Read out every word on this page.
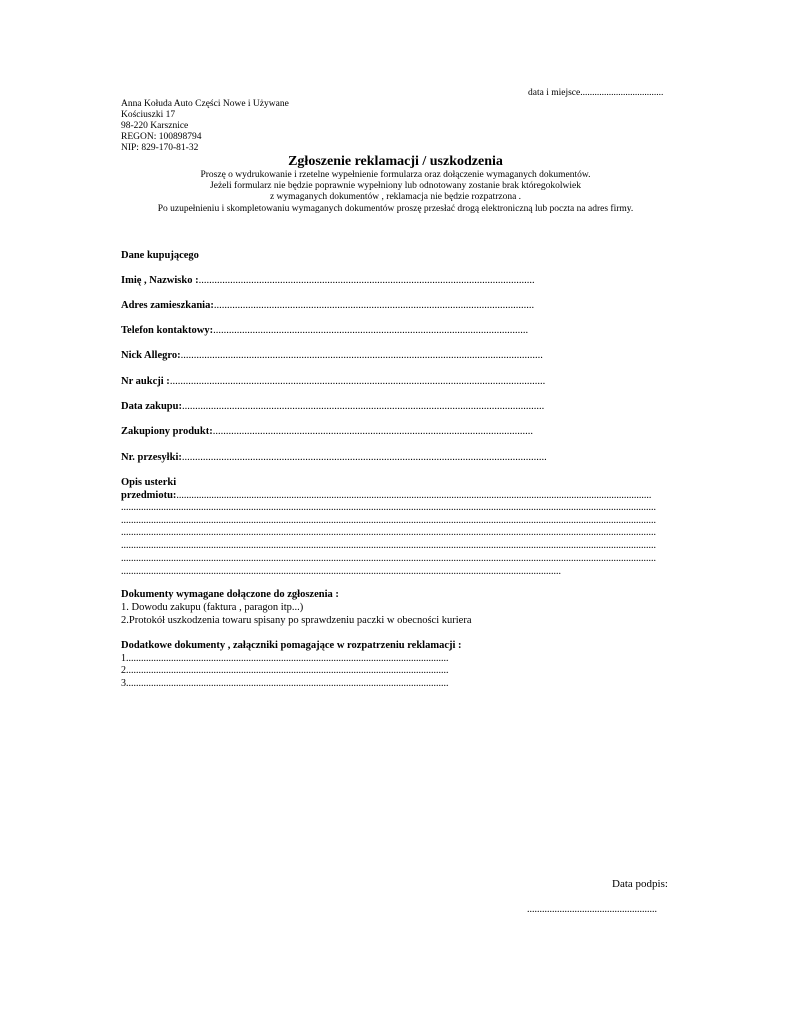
data i miejsce...................................
Anna Kołuda Auto Części Nowe i Używane
Kościuszki 17
98-220 Karsznice
REGON: 100898794
NIP: 829-170-81-32
Zgłoszenie reklamacji / uszkodzenia
Proszę o wydrukowanie i rzetelne wypełnienie formularza oraz dołączenie wymaganych dokumentów.
Jeżeli formularz nie będzie poprawnie wypełniony lub odnotowany zostanie brak któregokolwiek
z wymaganych dokumentów , reklamacja nie będzie rozpatrzona .
Po uzupełnieniu i skompletowaniu wymaganych dokumentów proszę przesłać drogą elektroniczną lub poczta na adres firmy.
Dane kupującego
Imię , Nazwisko :................................................................................................................................
Adres zamieszkania:..........................................................................................................................
Telefon kontaktowy:........................................................................................................................
Nick Allegro:..........................................................................................................................................
Nr aukcji :...............................................................................................................................................
Data zakupu:..........................................................................................................................................
Zakupiony produkt:..........................................................................................................................
Nr. przesyłki:...........................................................................................................................................
Opis usterki
przedmiotu:..............................................................................................................................................................................................
......................................................................................................................................................................................................................
......................................................................................................................................................................................................................
......................................................................................................................................................................................................................
......................................................................................................................................................................................................................
......................................................................................................................................................................................................................
................................................................................................................................................................................
Dokumenty wymagane dołączone do zgłoszenia :
1. Dowodu zakupu (faktura , paragon itp...)
2.Protokół uszkodzenia towaru spisany po sprawdzeniu paczki w obecności kuriera
Dodatkowe dokumenty , załączniki pomagające w rozpatrzeniu reklamacji :
1.................................................................................................................................
2.................................................................................................................................
3.................................................................................................................................
Data podpis:
....................................................
